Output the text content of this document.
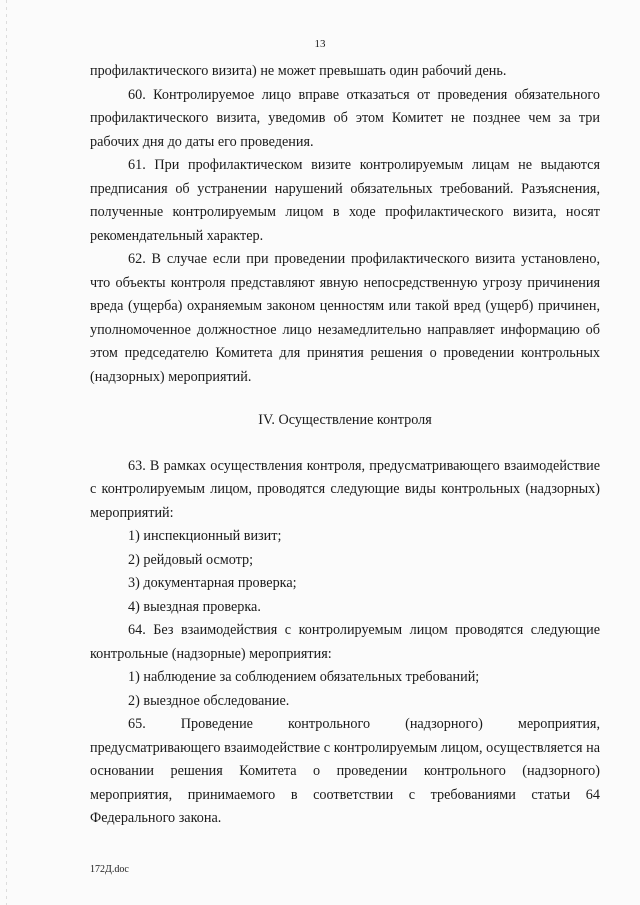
13

профилактического визита) не может превышать один рабочий день.

60. Контролируемое лицо вправе отказаться от проведения обязательного профилактического визита, уведомив об этом Комитет не позднее чем за три рабочих дня до даты его проведения.

61. При профилактическом визите контролируемым лицам не выдаются предписания об устранении нарушений обязательных требований. Разъяснения, полученные контролируемым лицом в ходе профилактического визита, носят рекомендательный характер.

62. В случае если при проведении профилактического визита установлено, что объекты контроля представляют явную непосредственную угрозу причинения вреда (ущерба) охраняемым законом ценностям или такой вред (ущерб) причинен, уполномоченное должностное лицо незамедлительно направляет информацию об этом председателю Комитета для принятия решения о проведении контрольных (надзорных) мероприятий.

IV. Осуществление контроля

63. В рамках осуществления контроля, предусматривающего взаимодействие с контролируемым лицом, проводятся следующие виды контрольных (надзорных) мероприятий:

1) инспекционный визит;

2) рейдовый осмотр;

3) документарная проверка;

4) выездная проверка.

64. Без взаимодействия с контролируемым лицом проводятся следующие контрольные (надзорные) мероприятия:

1) наблюдение за соблюдением обязательных требований;

2) выездное обследование.

65. Проведение контрольного (надзорного) мероприятия, предусматривающего взаимодействие с контролируемым лицом, осуществляется на основании решения Комитета о проведении контрольного (надзорного) мероприятия, принимаемого в соответствии с требованиями статьи 64 Федерального закона.

172Д.doc
